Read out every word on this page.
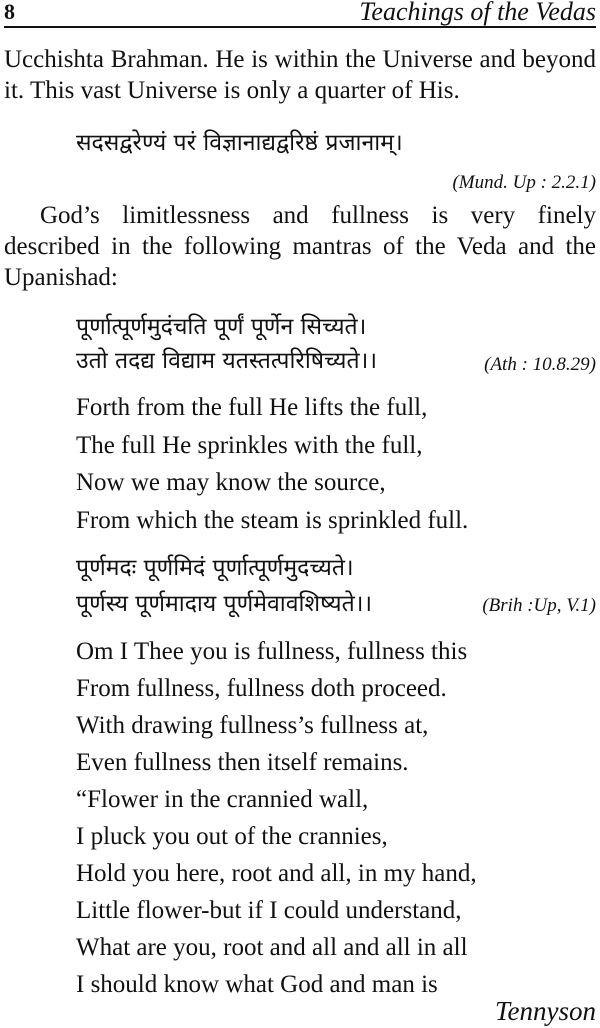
8	Teachings of the Vedas

Ucchishta Brahman. He is within the Universe and beyond
it. This vast Universe is only a quarter of His.

सदसद्वरेण्यं परं विज्ञानाद्यद्वरिष्ठं प्रजानाम्।
(Mund. Up : 2.2.1)

God’s limitlessness and fullness is very finely
described in the following mantras of the Veda and the
Upanishad:

पूर्णात्पूर्णमुदंचति पूर्णं पूर्णेन सिच्यते।
उतो तदद्य विद्याम यतस्तत्परिषिच्यते।।	(Ath : 10.8.29)
Forth from the full He lifts the full,
The full He sprinkles with the full,
Now we may know the source,
From which the steam is sprinkled full.
पूर्णमदः पूर्णमिदं पूर्णात्पूर्णमुदच्यते।
पूर्णस्य पूर्णमादाय पूर्णमेवावशिष्यते।।	(Brih :Up, V.1)
Om I Thee you is fullness, fullness this
From fullness, fullness doth proceed.
With drawing fullness’s fullness at,
Even fullness then itself remains.
“Flower in the crannied wall,
I pluck you out of the crannies,
Hold you here, root and all, in my hand,
Little flower-but if I could understand,
What are you, root and all and all in all
I should know what God and man is
Tennyson
